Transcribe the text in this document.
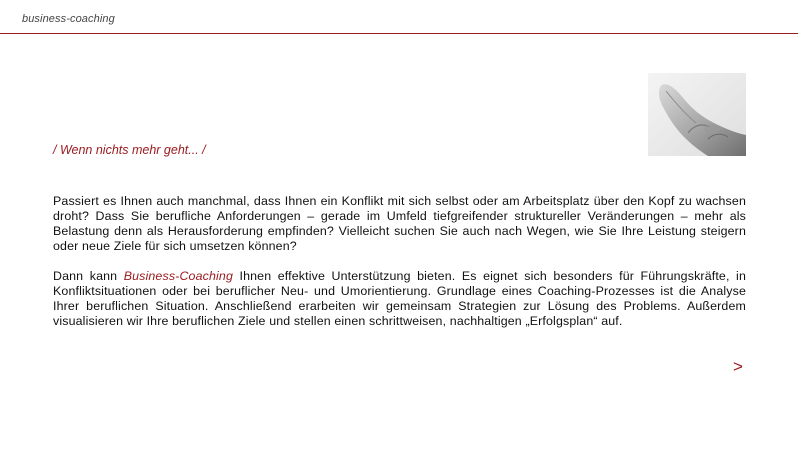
business-coaching
/ Wenn nichts mehr geht... /

Passiert es Ihnen auch manchmal, dass Ihnen ein Konflikt mit sich selbst oder am Arbeitsplatz über den Kopf zu wachsen droht? Dass Sie berufliche Anforderungen – gerade im Umfeld tiefgreifender struktureller Veränderungen – mehr als Belastung denn als Herausforderung empfinden? Vielleicht suchen Sie auch nach Wegen, wie Sie Ihre Leistung steigern oder neue Ziele für sich umsetzen können?

Dann kann Business-Coaching Ihnen effektive Unterstützung bieten. Es eignet sich besonders für Führungskräfte, in Konfliktsituationen oder bei beruflicher Neu- und Umorientierung. Grundlage eines Coaching-Prozesses ist die Analyse Ihrer beruflichen Situation. Anschließend erarbeiten wir gemeinsam Strategien zur Lösung des Problems. Außerdem visualisieren wir Ihre beruflichen Ziele und stellen einen schrittweisen, nachhaltigen „Erfolgsplan“ auf.

>
